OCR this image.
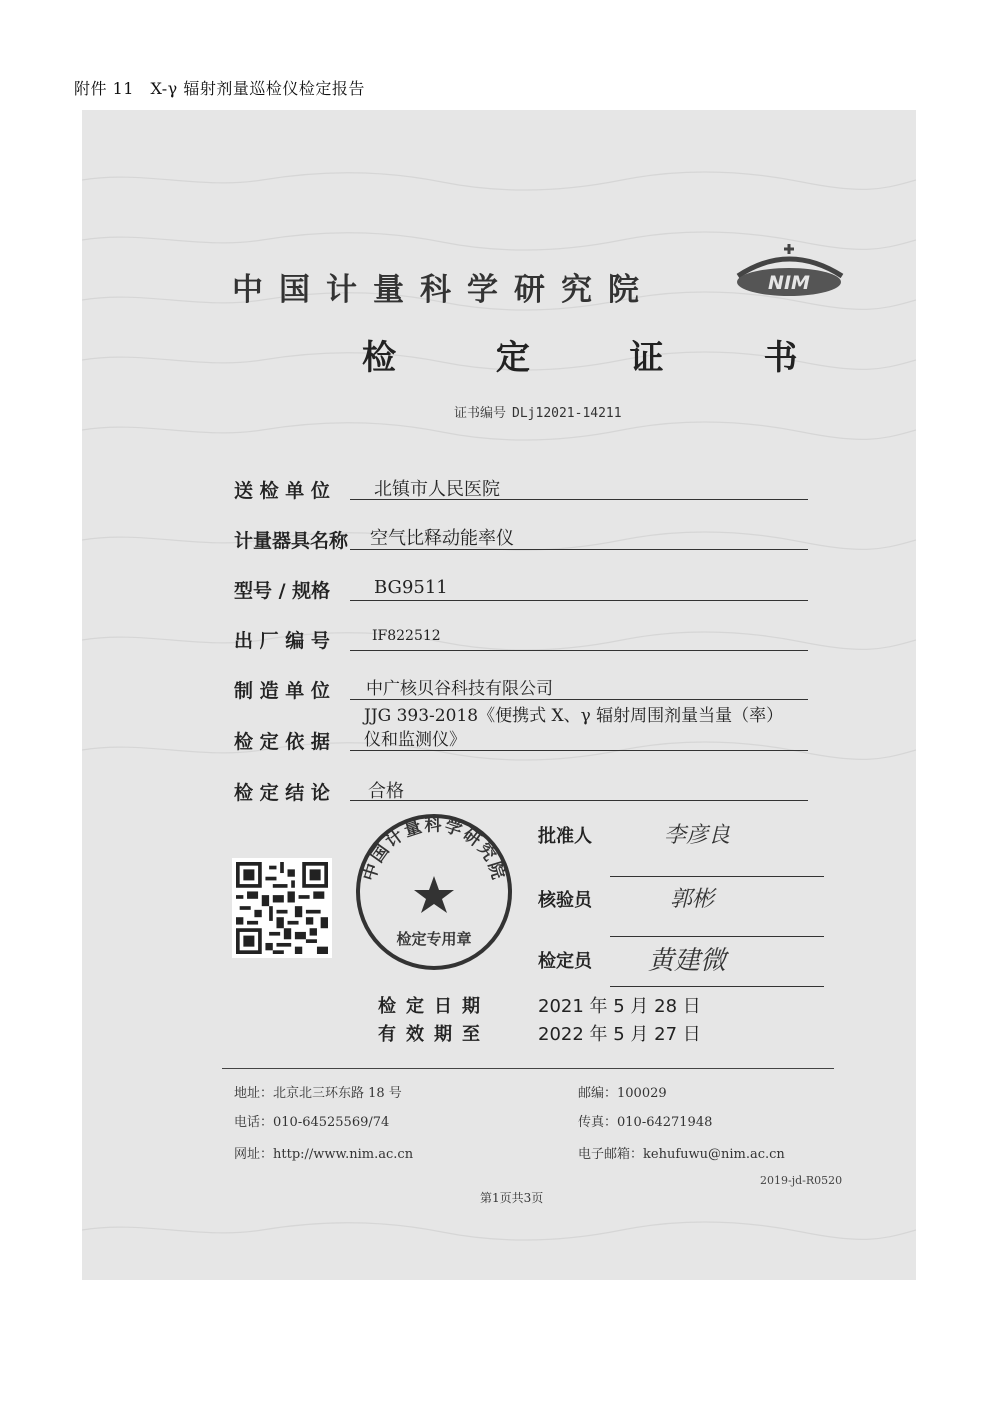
附件 11　X-γ 辐射剂量巡检仪检定报告
中国计量科学研究院	NIM
检 定 证 书
证书编号 DLj12021-14211
送 检 单 位 北镇市人民医院
计量器具名称 空气比释动能率仪
型号 / 规格 BG9511
出 厂 编 号	IF822512
制 造 单 位 中广核贝谷科技有限公司
检 定 依 据
JJG 393-2018《便携式 X、γ 辐射周围剂量当量（率）
仪和监测仪》
检 定 结 论 合格
中国计量科学研究院
检定专用章
批准人	李彦良
核验员	郭彬
检定员 黄建微
检定日期	2021 年 5 月 28 日
有效期至	2022 年 5 月 27 日
地址：北京北三环东路 18 号	邮编：100029
电话：010-64525569/74	传真：010-64271948
网址：http://www.nim.ac.cn	电子邮箱：kehufuwu@nim.ac.cn
2019-jd-R0520
第1页共3页
